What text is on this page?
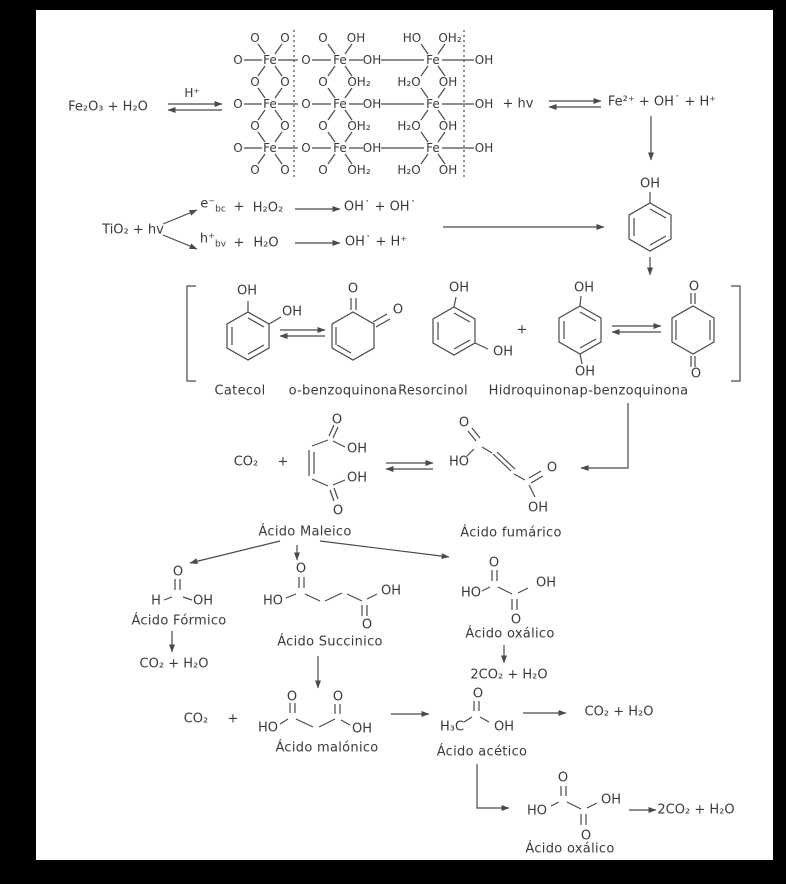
Fe₂O₃ + H₂O
H⁺
O O
O O
O O
O O
O
O
O
Fe
Fe
Fe
O OH
O OH₂
O OH₂
O OH₂
O
O
O
Fe
Fe
Fe
OH
OH
OH
HO OH₂
H₂O OH
H₂O OH
H₂O OH
Fe
Fe
Fe
OH
OH
OH
+ hv	Fe²⁺ + OH˙ + H⁺
TiO₂ + hv
$e^-_{bc} + H_2O_2$	OH˙ + OH˙
$h^+_{bv} + H_2O$	OH˙ + H⁺
OH
OH
OH
O
O
OH
OH
+
OH
OH
O
O
Catecol o-benzoquinona Resorcinol Hidroquinona p-benzoquinona
CO₂ +
O
OH
OH
O
Ácido Maleico
O
HO	O
OH
Ácido fumárico
O
H OH
Ácido Fórmico
CO₂ + H₂O
O
HO
O
OH
Ácido Succinico
O
HO
O
OH
Ácido oxálico
2CO₂ + H₂O
CO₂ +
O
HO
O
OH
Ácido malónico
H₃C
O
OH
Ácido acético
CO₂ + H₂O
O
HO
O
OH
Ácido oxálico
2CO₂ + H₂O
